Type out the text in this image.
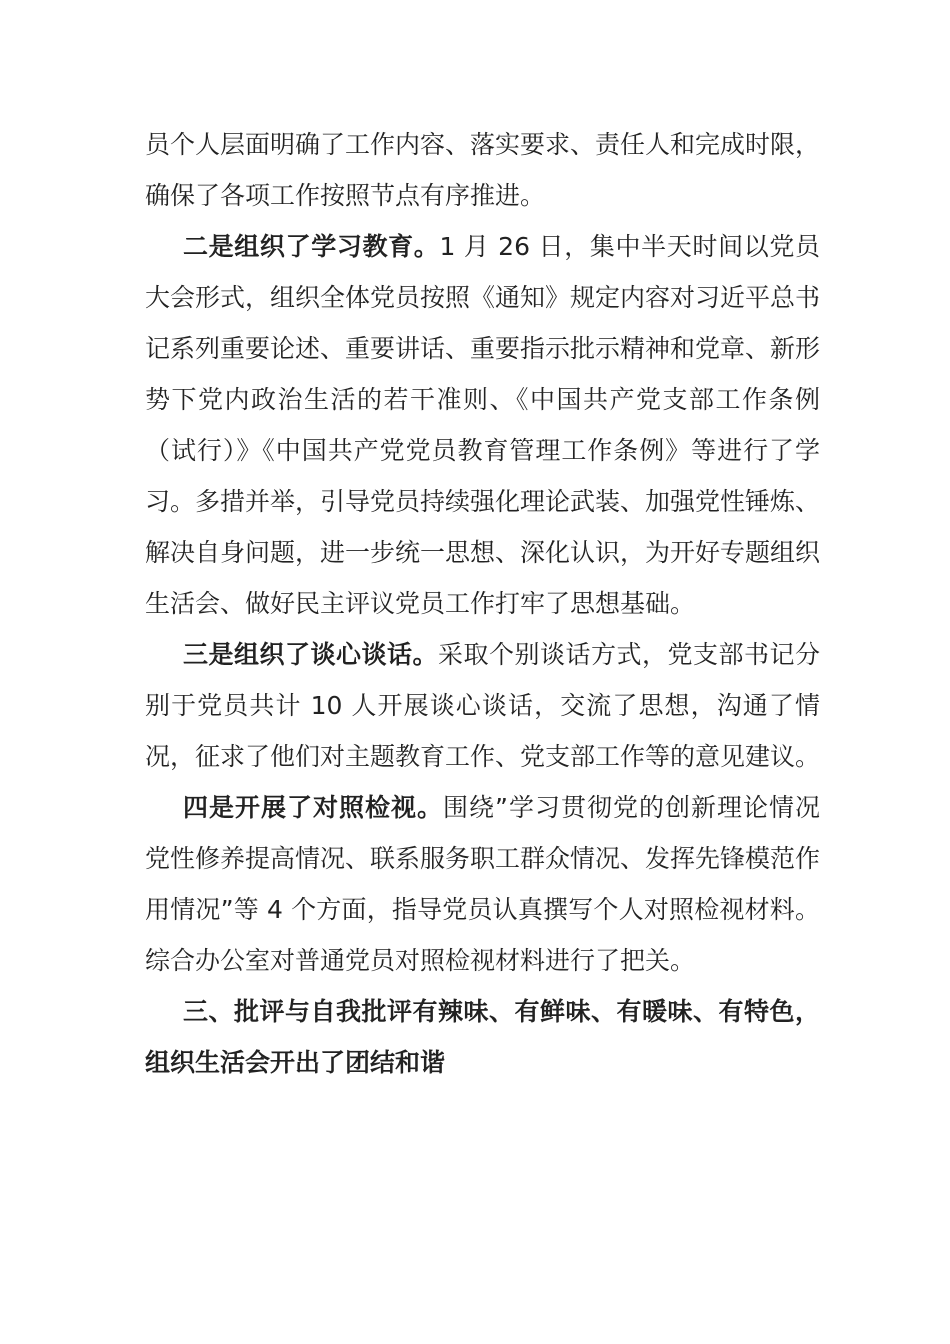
员个人层面明确了工作内容、落实要求、责任人和完成时限，确保了各项工作按照节点有序推进。

二是组织了学习教育。1 月 26 日，集中半天时间以党员大会形式，组织全体党员按照《通知》规定内容对习近平总书记系列重要论述、重要讲话、重要指示批示精神和党章、新形势下党内政治生活的若干准则、《中国共产党支部工作条例（试行）》《中国共产党党员教育管理工作条例》等进行了学习。多措并举，引导党员持续强化理论武装、加强党性锤炼、解决自身问题，进一步统一思想、深化认识，为开好专题组织生活会、做好民主评议党员工作打牢了思想基础。

三是组织了谈心谈话。采取个别谈话方式，党支部书记分别于党员共计 10 人开展谈心谈话，交流了思想，沟通了情况，征求了他们对主题教育工作、党支部工作等的意见建议。

四是开展了对照检视。围绕”学习贯彻党的创新理论情况党性修养提高情况、联系服务职工群众情况、发挥先锋模范作用情况”等 4 个方面，指导党员认真撰写个人对照检视材料。综合办公室对普通党员对照检视材料进行了把关。

三、批评与自我批评有辣味、有鲜味、有暖味、有特色，组织生活会开出了团结和谐
